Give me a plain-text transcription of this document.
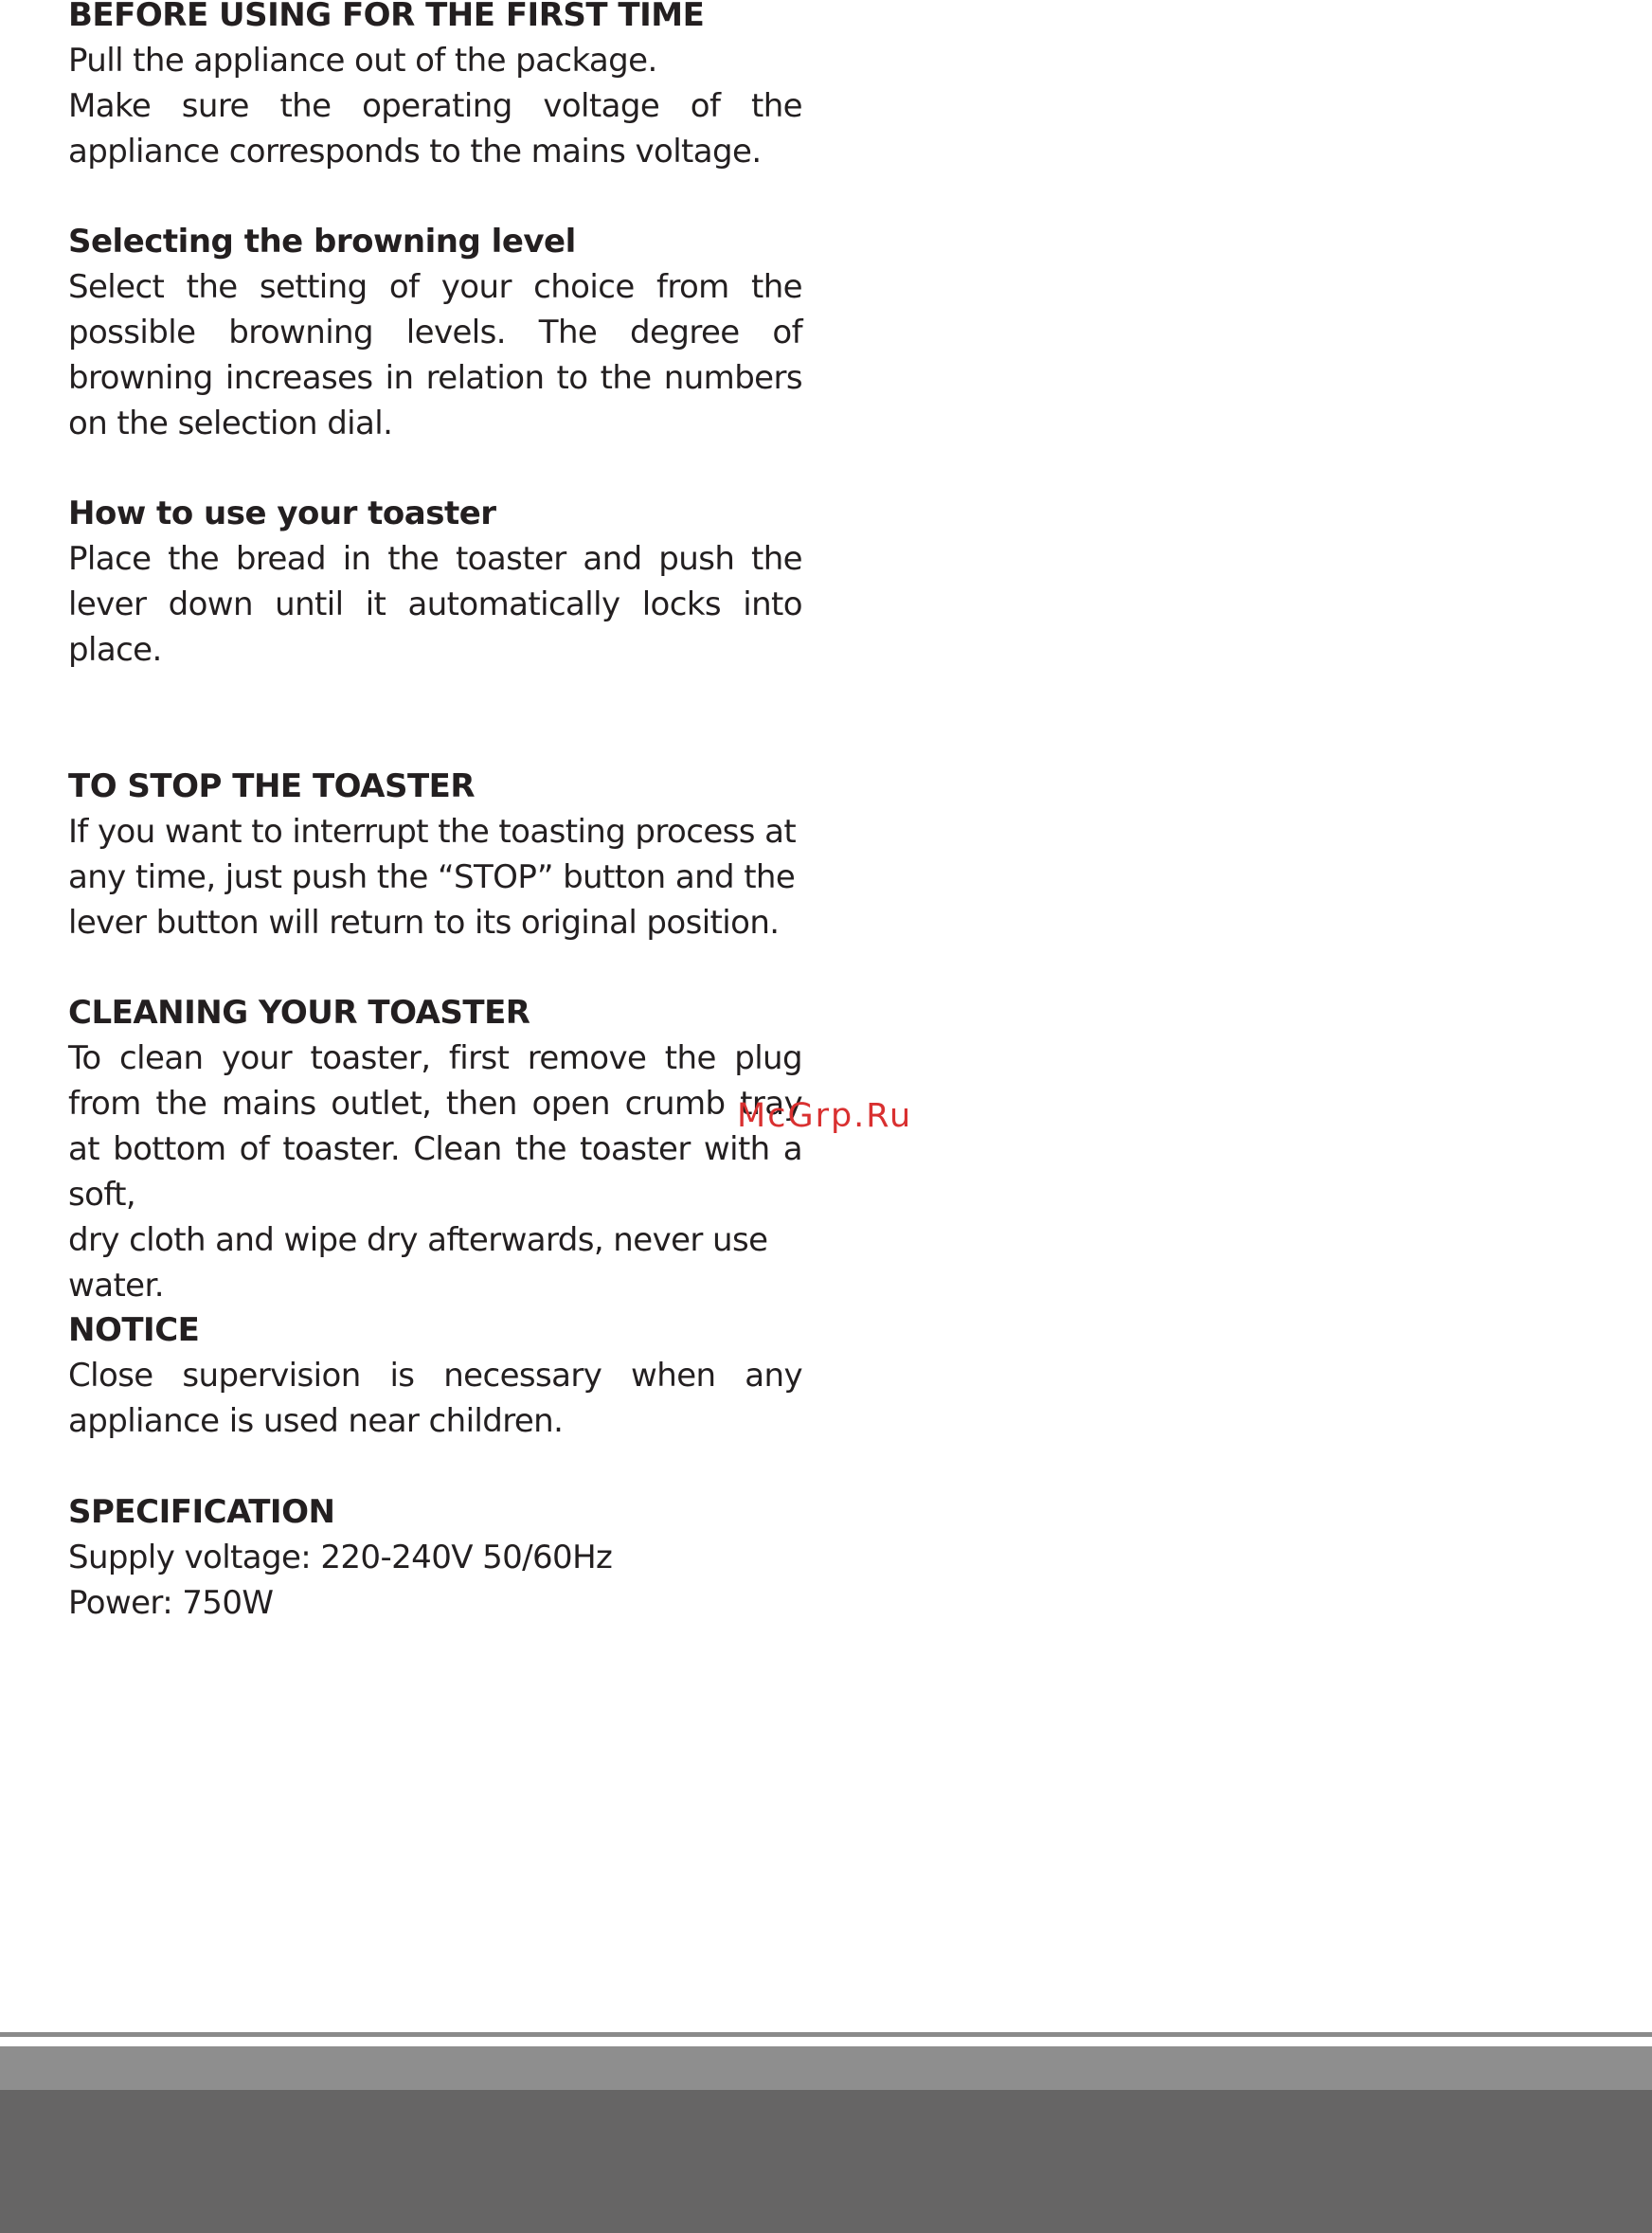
BEFORE USING FOR THE FIRST TIME

Pull the appliance out of the package.

Make sure the operating voltage of the appliance corresponds to the mains voltage.

Selecting the browning level

Select the setting of your choice from the possible browning levels. The degree of browning increases in relation to the numbers on the selection dial.

How to use your toaster

Place the bread in the toaster and push the lever down until it automatically locks into place.

TO STOP THE TOASTER

If you want to interrupt the toasting process at
any time, just push the “STOP” button and the
lever button will return to its original position.

CLEANING YOUR TOASTER

To clean your toaster, first remove the plug from the mains outlet, then open crumb tray at bottom of toaster. Clean the toaster with a soft,

dry cloth and wipe dry afterwards, never use
water.

NOTICE

Close supervision is necessary when any appliance is used near children.

SPECIFICATION

Supply voltage: 220-240V 50/60Hz

Power: 750W

McGrp.Ru
